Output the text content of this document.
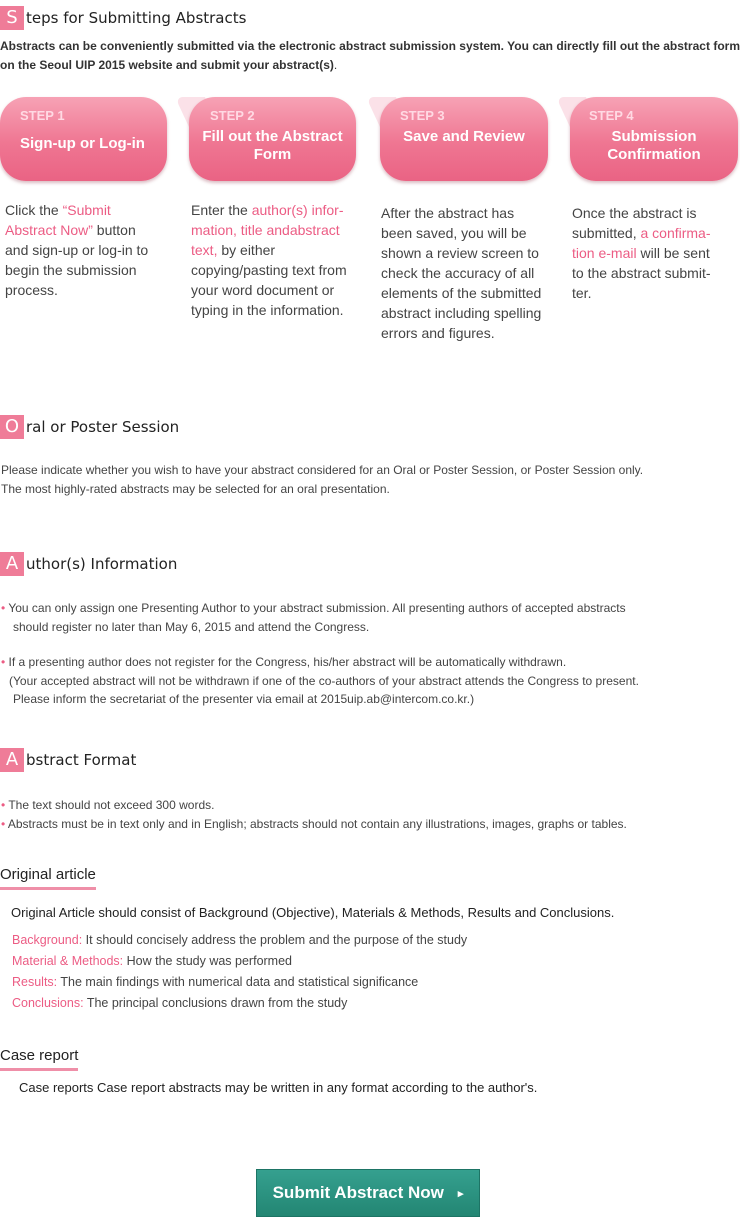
S teps for Submitting Abstracts
Abstracts can be conveniently submitted via the electronic abstract submission system. You can directly fill out the abstract form on the Seoul UIP 2015 website and submit your abstract(s).
STEP 1
Sign-up or Log-in
STEP 2
Fill out the Abstract Form
STEP 3
Save and Review
STEP 4
Submission Confirmation
Click the “Submit Abstract Now” button and sign-up or log-in to begin the submission process.
Enter the author(s) infor-mation, title andabstract text, by either copying/pasting text from your word document or typing in the information.
After the abstract has been saved, you will be shown a review screen to check the accuracy of all elements of the submitted abstract including spelling errors and figures.
Once the abstract is submitted, a confirma-tion e-mail will be sent to the abstract submit-ter.
O ral or Poster Session
Please indicate whether you wish to have your abstract considered for an Oral or Poster Session, or Poster Session only.
The most highly-rated abstracts may be selected for an oral presentation.
A uthor(s) Information
• You can only assign one Presenting Author to your abstract submission. All presenting authors of accepted abstracts
should register no later than May 6, 2015 and attend the Congress.
• If a presenting author does not register for the Congress, his/her abstract will be automatically withdrawn.
(Your accepted abstract will not be withdrawn if one of the co-authors of your abstract attends the Congress to present.
Please inform the secretariat of the presenter via email at 2015uip.ab@intercom.co.kr.)
A bstract Format
• The text should not exceed 300 words.
• Abstracts must be in text only and in English; abstracts should not contain any illustrations, images, graphs or tables.
Original article
Original Article should consist of Background (Objective), Materials & Methods, Results and Conclusions.
Background: It should concisely address the problem and the purpose of the study
Material & Methods: How the study was performed
Results: The main findings with numerical data and statistical significance
Conclusions: The principal conclusions drawn from the study
Case report
Case reports Case report abstracts may be written in any format according to the author's.
Submit Abstract Now ▸
